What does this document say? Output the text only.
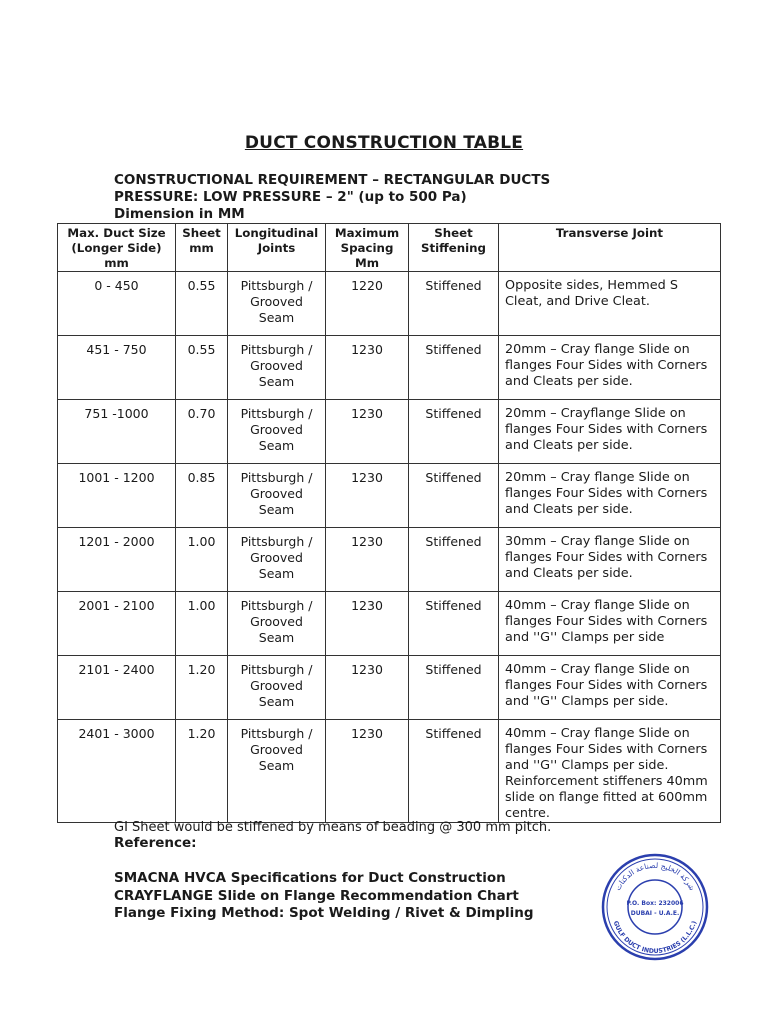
DUCT CONSTRUCTION TABLE
CONSTRUCTIONAL REQUIREMENT – RECTANGULAR DUCTS
PRESSURE: LOW PRESSURE – 2" (up to 500 Pa)
Dimension in MM
Max. Duct Size (Longer Side) mm	Sheet mm	Longitudinal Joints	Maximum Spacing Mm	Sheet Stiffening	Transverse Joint
0 - 450	0.55	Pittsburgh / Grooved Seam	1220	Stiffened	Opposite sides, Hemmed S Cleat, and Drive Cleat.
451 - 750	0.55	Pittsburgh / Grooved Seam	1230	Stiffened	20mm – Cray flange Slide on flanges Four Sides with Corners and Cleats per side.
751 -1000	0.70	Pittsburgh / Grooved Seam	1230	Stiffened	20mm – Crayflange Slide on flanges Four Sides with Corners and Cleats per side.
1001 - 1200	0.85	Pittsburgh / Grooved Seam	1230	Stiffened	20mm – Cray flange Slide on flanges Four Sides with Corners and Cleats per side.
1201 - 2000	1.00	Pittsburgh / Grooved Seam	1230	Stiffened	30mm – Cray flange Slide on flanges Four Sides with Corners and Cleats per side.
2001 - 2100	1.00	Pittsburgh / Grooved Seam	1230	Stiffened	40mm – Cray flange Slide on flanges Four Sides with Corners and ''G'' Clamps per side
2101 - 2400	1.20	Pittsburgh / Grooved Seam	1230	Stiffened	40mm – Cray flange Slide on flanges Four Sides with Corners and ''G'' Clamps per side.
2401 - 3000	1.20	Pittsburgh / Grooved Seam	1230	Stiffened	40mm – Cray flange Slide on flanges Four Sides with Corners and ''G'' Clamps per side. Reinforcement stiffeners 40mm slide on flange fitted at 600mm centre.
GI Sheet would be stiffened by means of beading @ 300 mm pitch.
Reference:
SMACNA HVCA Specifications for Duct Construction
CRAYFLANGE Slide on Flange Recommendation Chart
Flange Fixing Method: Spot Welding / Rivet & Dimpling
شركة الخليج لصناعة الدكتات
GULF DUCT INDUSTRIES (L.L.C.)
P.O. Box: 232006
DUBAI - U.A.E.
